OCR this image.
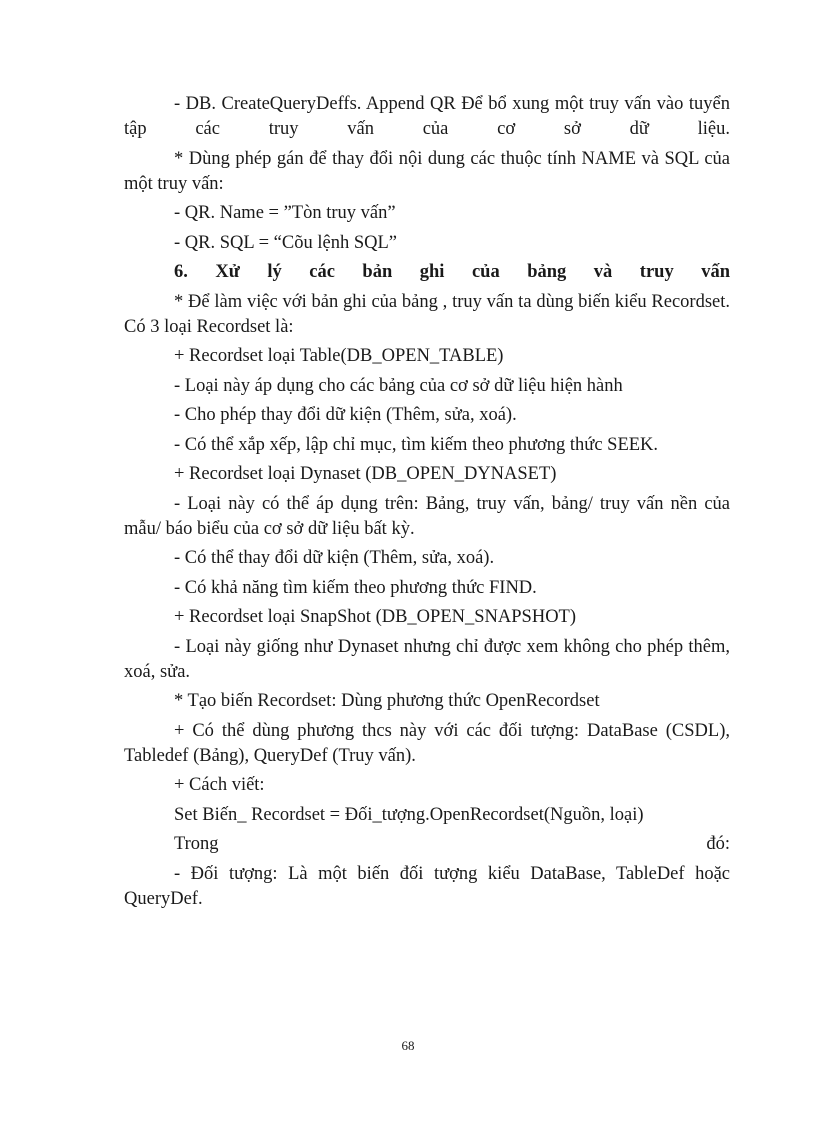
- DB. CreateQueryDeffs. Append QR Để bổ xung một truy vấn vào tuyển tập các truy vấn của cơ sở dữ liệu.

* Dùng phép gán để thay đổi nội dung các thuộc tính NAME và SQL của một truy vấn:

- QR. Name = ”Tòn truy vấn”

- QR. SQL = “Cõu lệnh SQL”

6. Xử lý các bản ghi của bảng và truy vấn

* Để làm việc với bản ghi của bảng , truy vấn ta dùng biến kiểu Recordset. Có 3 loại Recordset là:

+ Recordset loại Table(DB_OPEN_TABLE)

- Loại này áp dụng cho các bảng của cơ sở dữ liệu hiện hành

- Cho phép thay đổi dữ kiện (Thêm, sửa, xoá).

- Có thể xắp xếp, lập chỉ mục, tìm kiếm theo phương thức SEEK.

+ Recordset loại Dynaset (DB_OPEN_DYNASET)

- Loại này có thể áp dụng trên: Bảng, truy vấn, bảng/ truy vấn nền của mẫu/ báo biểu của cơ sở dữ liệu bất kỳ.

- Có thể thay đổi dữ kiện (Thêm, sửa, xoá).

- Có khả năng tìm kiếm theo phương thức FIND.

+ Recordset loại SnapShot (DB_OPEN_SNAPSHOT)

- Loại này giống như Dynaset nhưng chỉ được xem không cho phép thêm, xoá, sửa.

* Tạo biến Recordset: Dùng phương thức OpenRecordset

+ Có thể dùng phương thcs này với các đối tượng: DataBase (CSDL), Tabledef (Bảng), QueryDef (Truy vấn).

+ Cách viết:

Set Biến_ Recordset = Đối_tượng.OpenRecordset(Nguồn, loại)

Trong đó:

- Đối tượng: Là một biến đối tượng kiểu DataBase, TableDef hoặc QueryDef.

68
